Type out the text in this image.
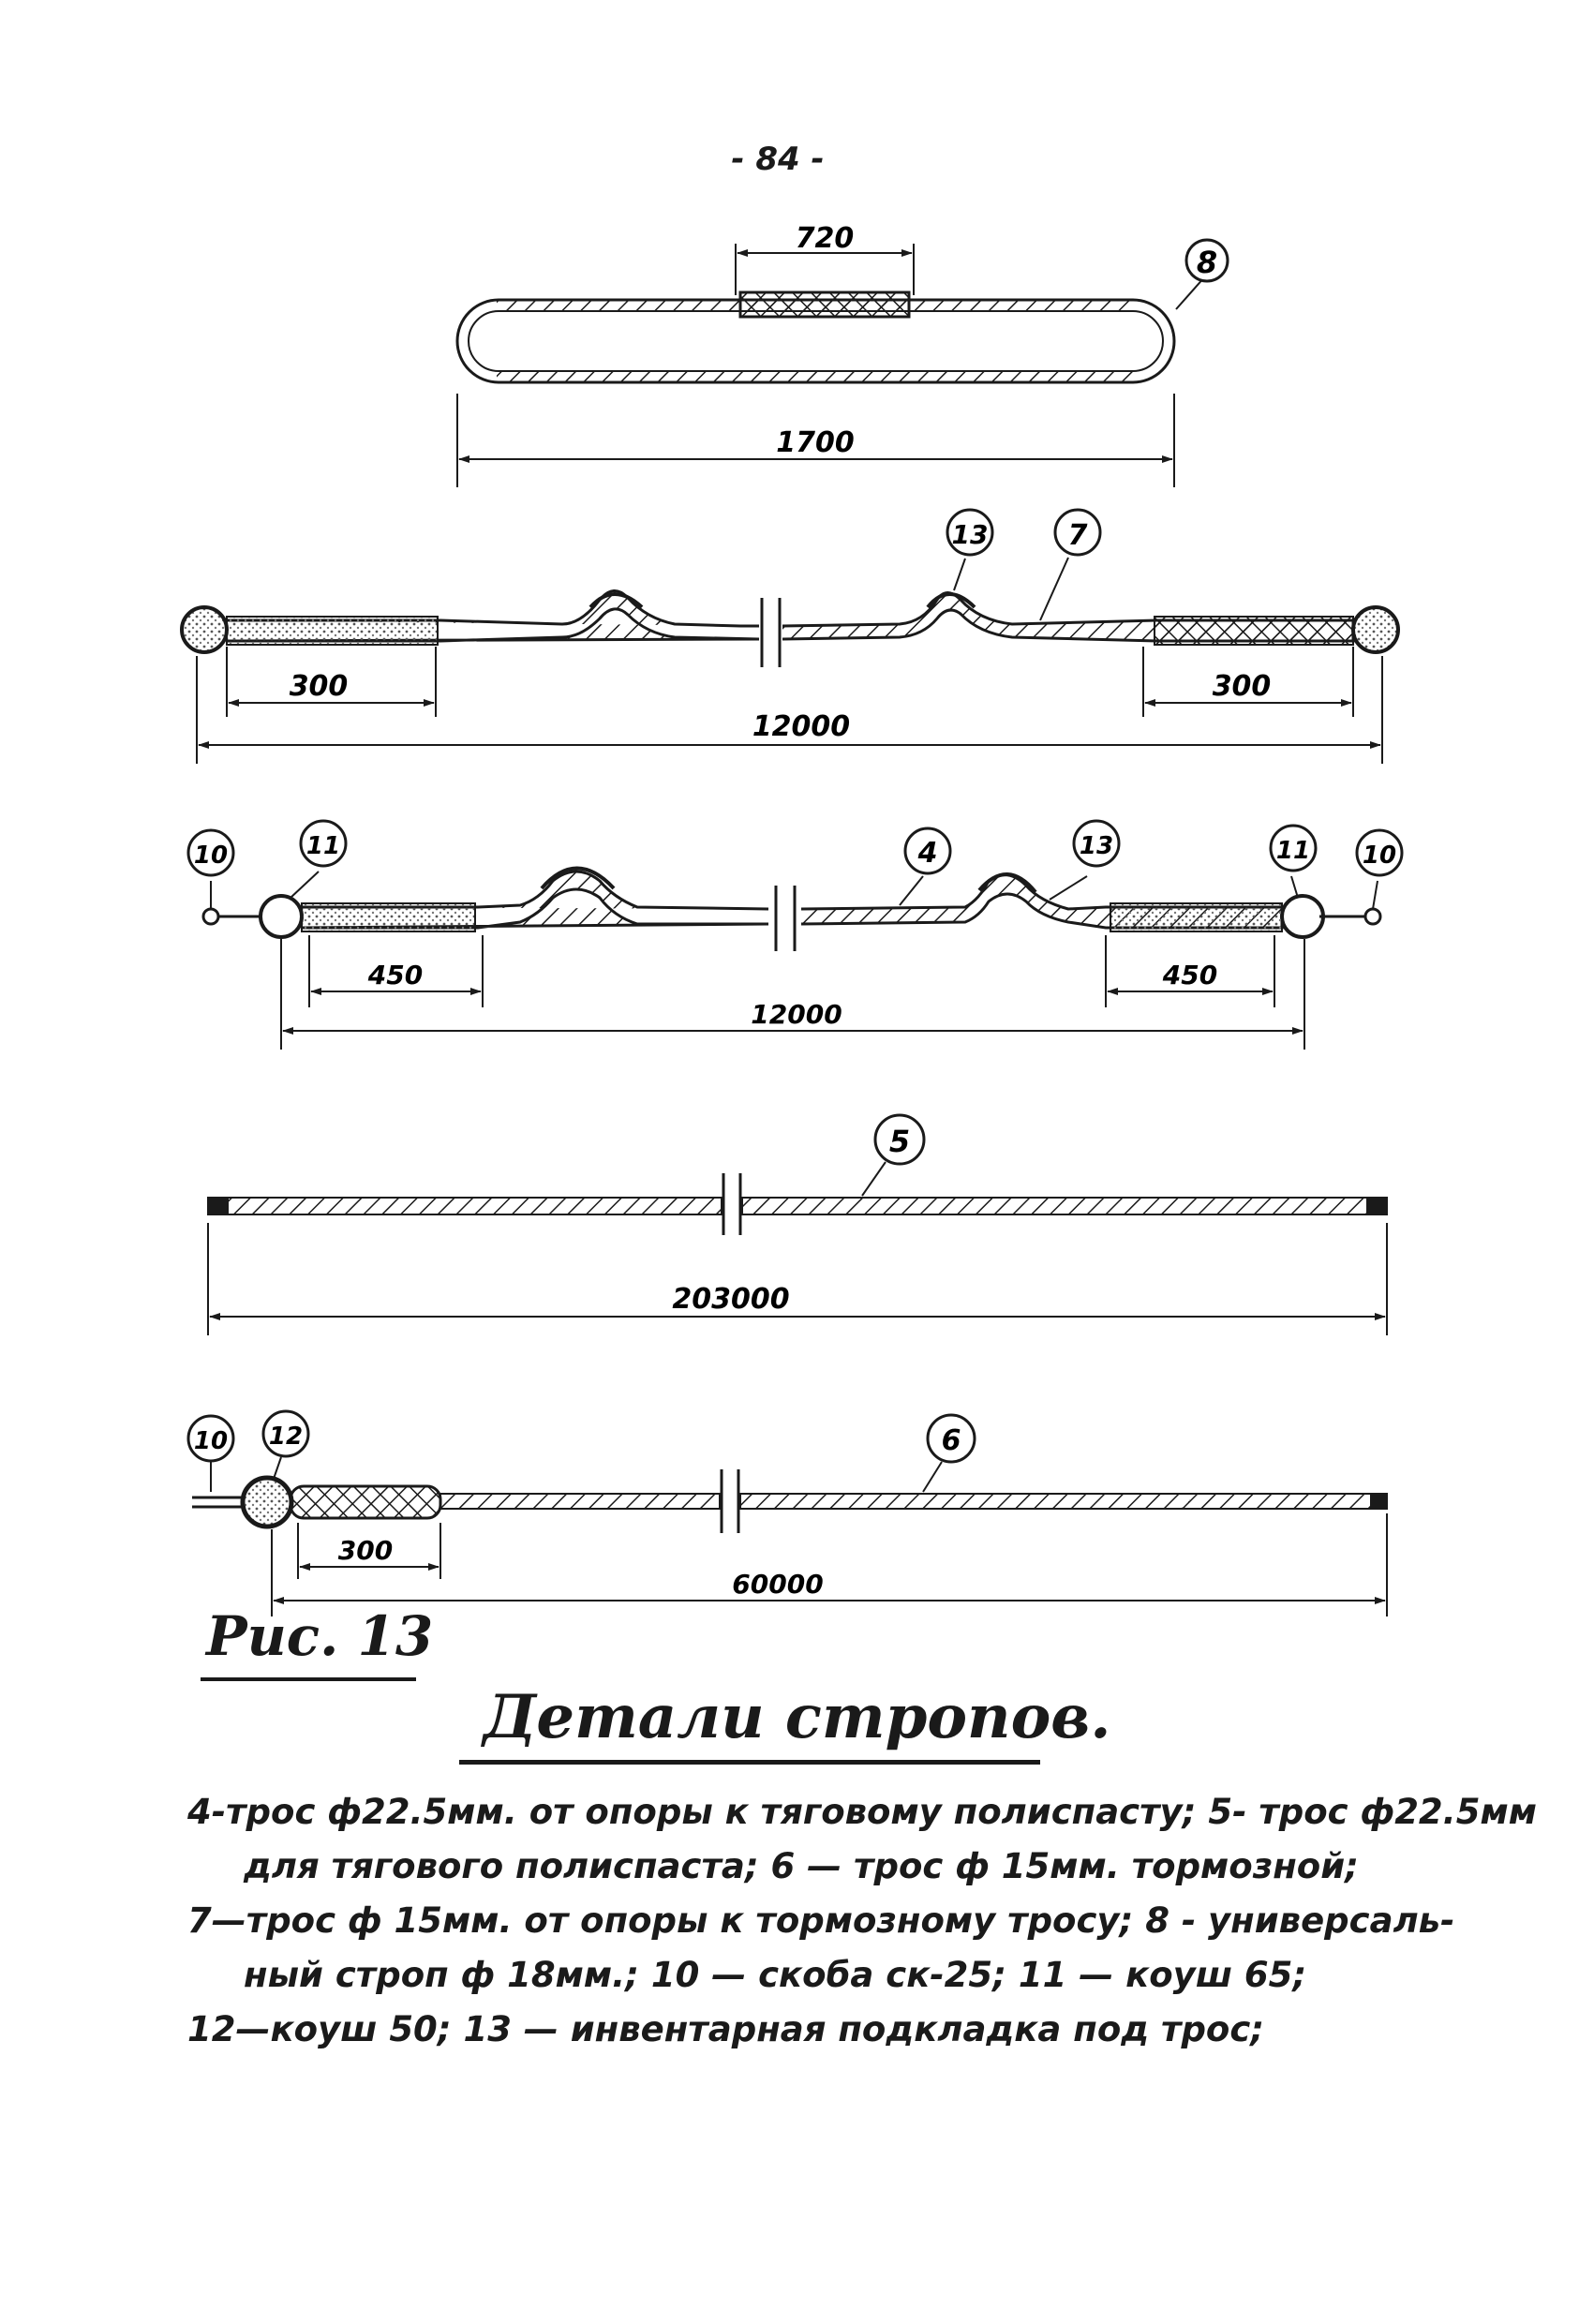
- 84 -
8
720
1700
13	7
300	300
12000
10	11	4	13	11 10
450	450
12000
5
203000
10 12	6
300
60000
Рис. 13
Детали стропов.
4-трос ф22.5мм. от опоры к тяговому полиспасту; 5- трос ф22.5мм
для тягового полиспаста; 6 — трос ф 15мм. тормозной;
7—трос ф 15мм. от опоры к тормозному тросу; 8 - универсаль-
ный строп ф 18мм.; 10 — скоба ск-25; 11 — коуш 65;
12—коуш 50; 13 — инвентарная подкладка под трос;
